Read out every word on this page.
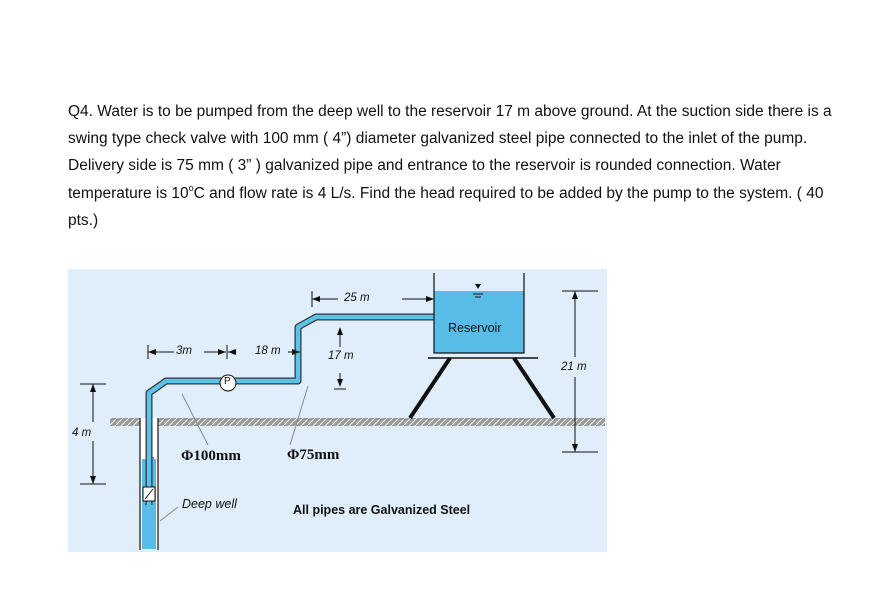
Q4. Water is to be pumped from the deep well to the reservoir 17 m above ground. At the suction side there is a swing type check valve with 100 mm ( 4”) diameter galvanized steel pipe connected to the inlet of the pump. Delivery side is 75 mm ( 3” ) galvanized pipe and entrance to the reservoir is rounded connection. Water temperature is 10$^o$C and flow rate is 4 L/s. Find the head required to be added by the pump to the system. ( 40 pts.)
25 m
3m	18 m	17 m
21 m
4 m
P
Reservoir
Φ100mm	Φ75mm
Deep well	All pipes are Galvanized Steel
